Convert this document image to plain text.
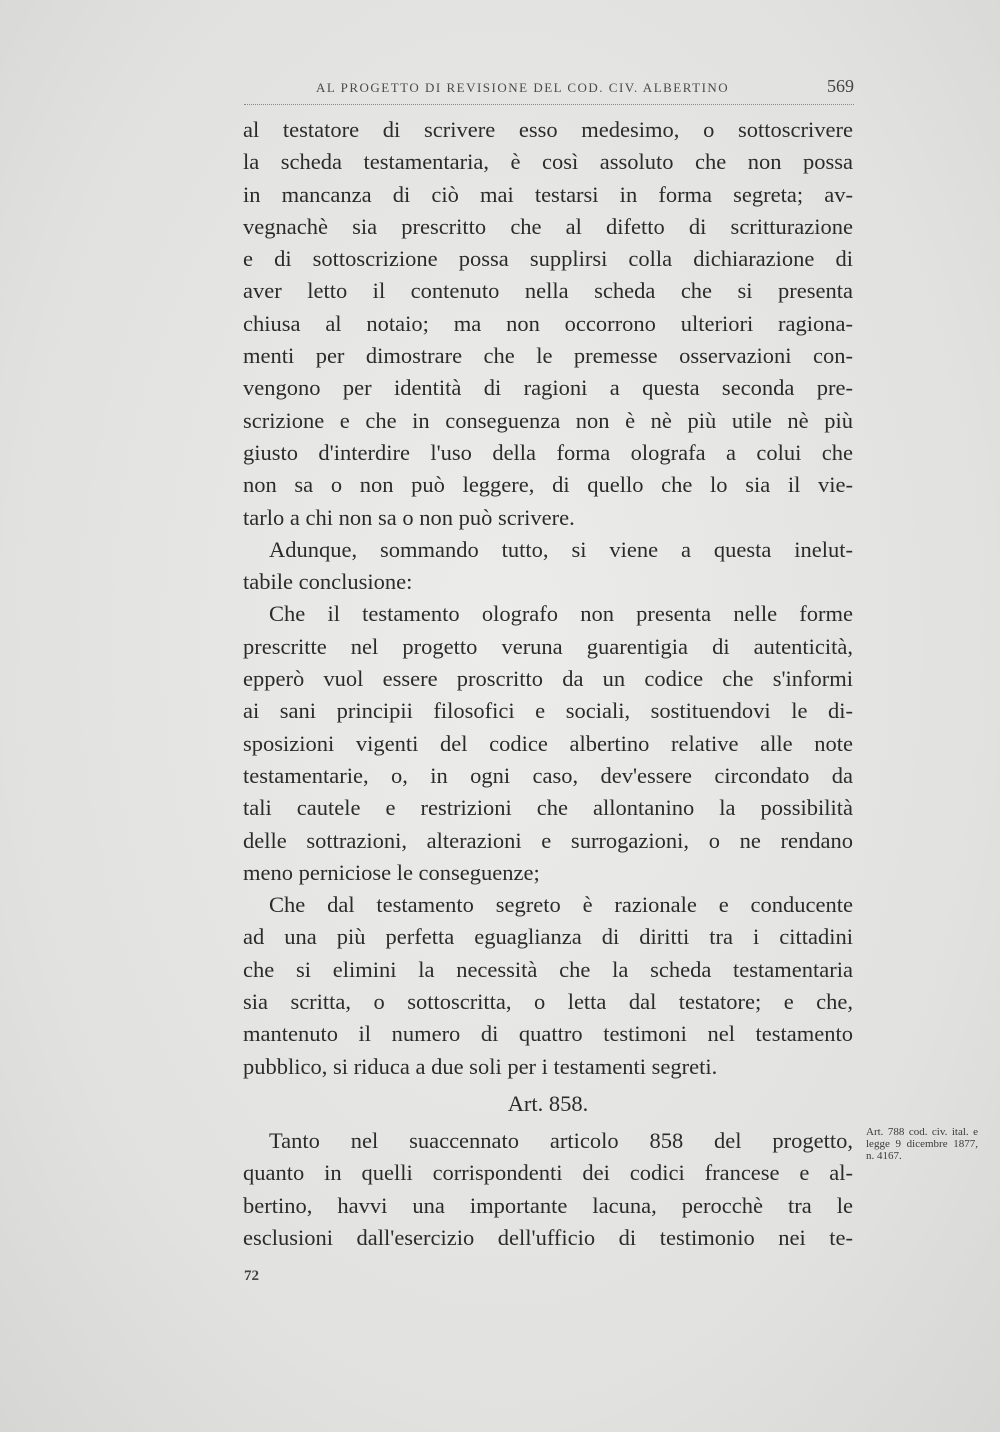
AL PROGETTO DI REVISIONE DEL COD. CIV. ALBERTINO	569
al testatore di scrivere esso medesimo, o sottoscrivere
la scheda testamentaria, è così assoluto che non possa
in mancanza di ciò mai testarsi in forma segreta; av-
vegnachè sia prescritto che al difetto di scritturazione
e di sottoscrizione possa supplirsi colla dichiarazione di
aver letto il contenuto nella scheda che si presenta
chiusa al notaio; ma non occorrono ulteriori ragiona-
menti per dimostrare che le premesse osservazioni con-
vengono per identità di ragioni a questa seconda pre-
scrizione e che in conseguenza non è nè più utile nè più
giusto d'interdire l'uso della forma olografa a colui che
non sa o non può leggere, di quello che lo sia il vie-
tarlo a chi non sa o non può scrivere.
Adunque, sommando tutto, si viene a questa inelut-
tabile conclusione:
Che il testamento olografo non presenta nelle forme
prescritte nel progetto veruna guarentigia di autenticità,
epperò vuol essere proscritto da un codice che s'informi
ai sani principii filosofici e sociali, sostituendovi le di-
sposizioni vigenti del codice albertino relative alle note
testamentarie, o, in ogni caso, dev'essere circondato da
tali cautele e restrizioni che allontanino la possibilità
delle sottrazioni, alterazioni e surrogazioni, o ne rendano
meno perniciose le conseguenze;
Che dal testamento segreto è razionale e conducente
ad una più perfetta eguaglianza di diritti tra i cittadini
che si elimini la necessità che la scheda testamentaria
sia scritta, o sottoscritta, o letta dal testatore; e che,
mantenuto il numero di quattro testimoni nel testamento
pubblico, si riduca a due soli per i testamenti segreti.
Art. 858.
Tanto nel suaccennato articolo 858 del progetto,
quanto in quelli corrispondenti dei codici francese e al-
bertino, havvi una importante lacuna, perocchè tra le
esclusioni dall'esercizio dell'ufficio di testimonio nei te-
Art. 788 cod. civ. ital. e legge 9 dicembre 1877, n. 4167.
72
